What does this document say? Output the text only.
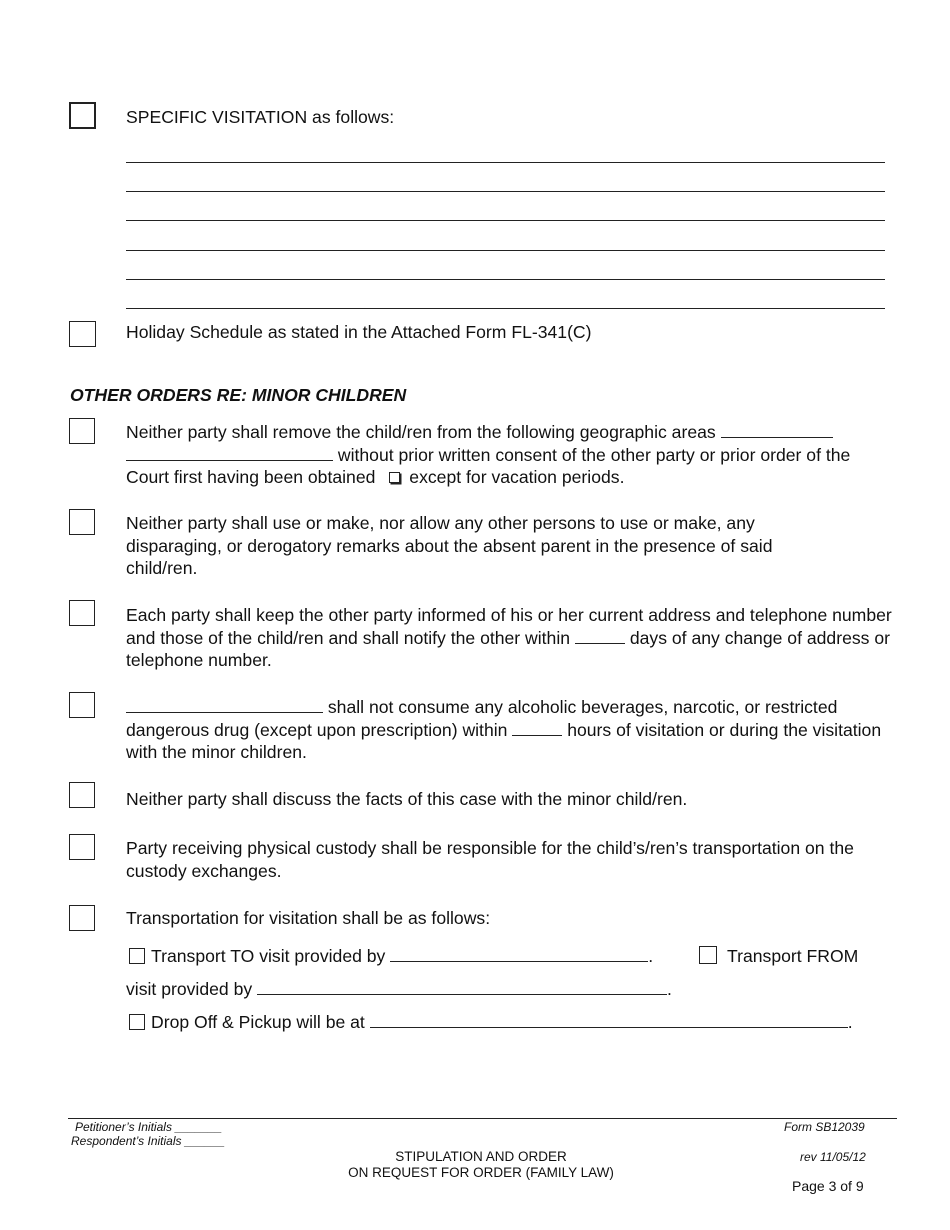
SPECIFIC VISITATION as follows:
Holiday Schedule as stated in the Attached Form FL-341(C)
OTHER ORDERS RE: MINOR CHILDREN
Neither party shall remove the child/ren from the following geographic areas
without prior written consent of the other party or prior order of the
Court first having been obtained except for vacation periods.
Neither party shall use or make, nor allow any other persons to use or make, any disparaging, or derogatory remarks about the absent parent in the presence of said child/ren.
Each party shall keep the other party informed of his or her current address and telephone number and those of the child/ren and shall notify the other within	days of any change of address or telephone number.
shall not consume any alcoholic beverages, narcotic, or restricted dangerous drug (except upon prescription) within	hours of visitation or during the visitation with the minor children.
Neither party shall discuss the facts of this case with the minor child/ren.
Party receiving physical custody shall be responsible for the child’s/ren’s transportation on the custody exchanges.
Transportation for visitation shall be as follows:
Transport TO visit provided by	.	Transport FROM
visit provided by	.
Drop Off & Pickup will be at	.
Petitioner’s Initials _______
Respondent’s Initials ______
STIPULATION AND ORDER
ON REQUEST FOR ORDER (FAMILY LAW)
Form SB12039
rev 11/05/12
Page 3 of 9
